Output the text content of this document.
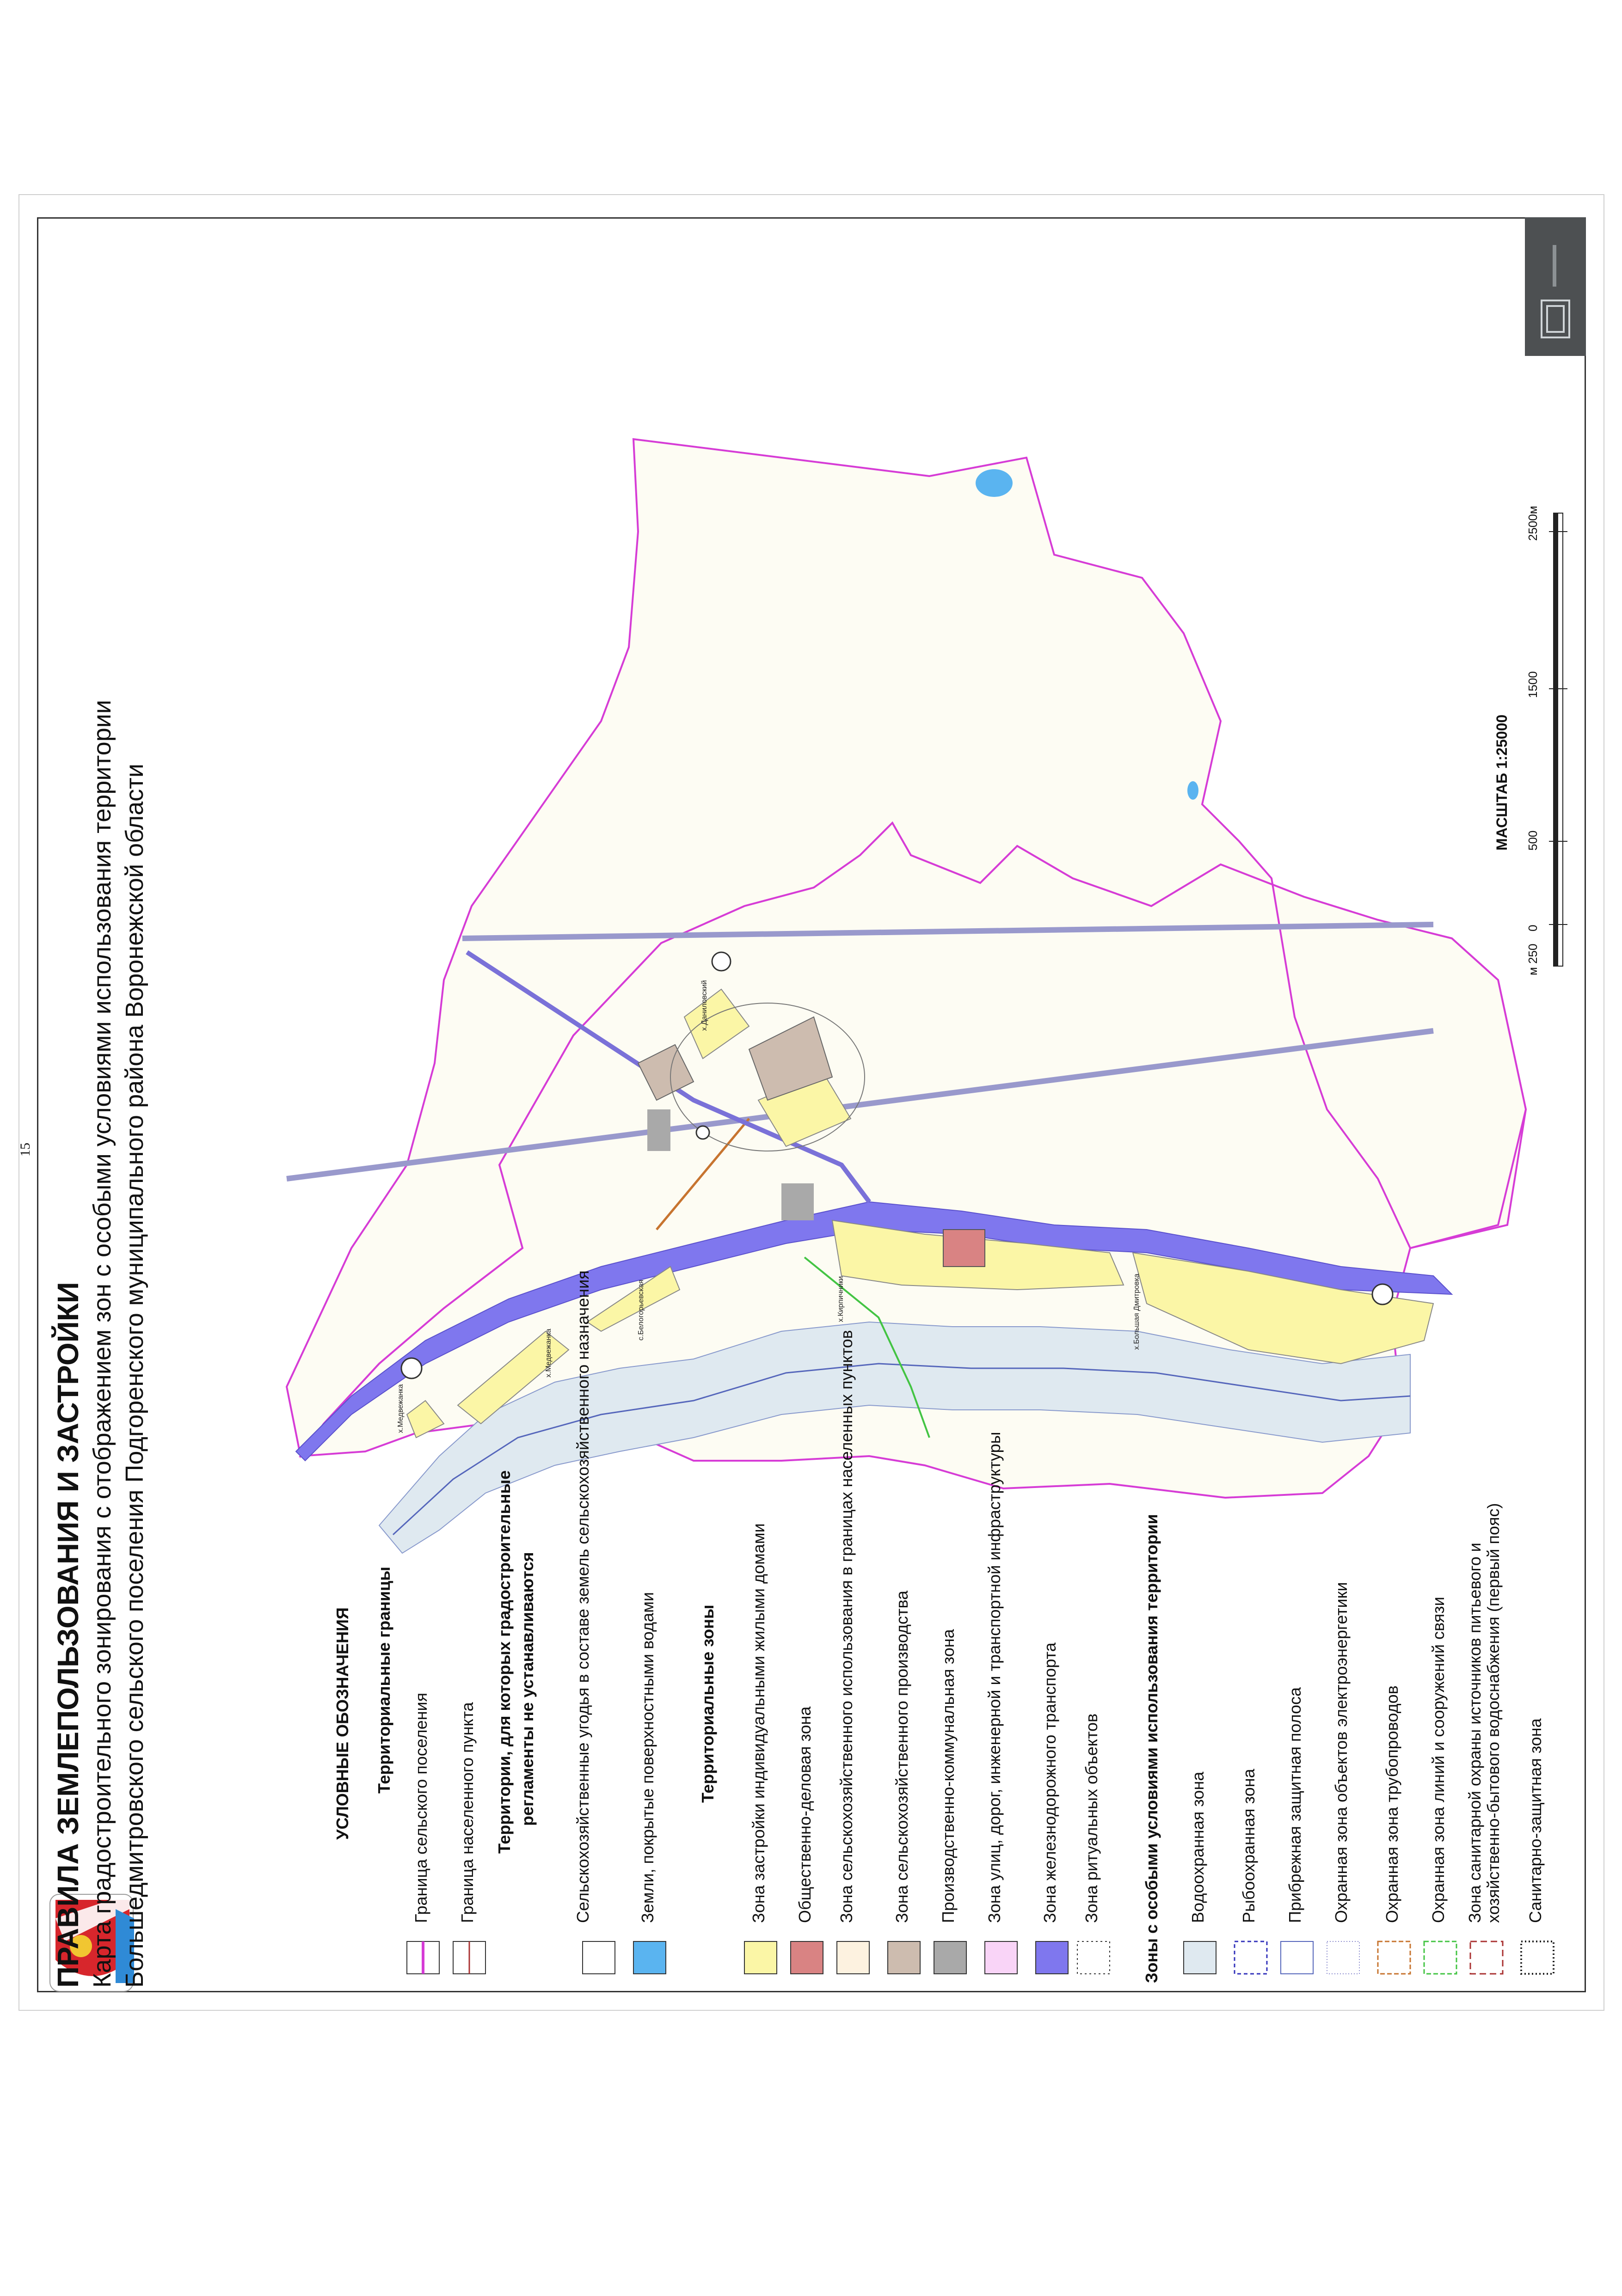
15
х.Медвежанка
х.Медвежанка
с.Белогорьевская	х.Кирпичники	х.Большая Дмитровка
х.Даниловский
ПРАВИЛА ЗЕМЛЕПОЛЬЗОВАНИЯ И ЗАСТРОЙКИ Карта градостроительного зонирования с отображением зон с особыми условиями использования территории Большедмитровского сельского поселения Подгоренского муниципального района Воронежской области	УСЛОВНЫЕ ОБОЗНАЧЕНИЯ Территориальные границы
Граница сельского поселения Граница населенного пункта Территории, для которых градостроительные регламенты не устанавливаются Сельскохозяйственные угодья в составе земель сельскохозяйственного назначения	Земли, покрытые поверхностными водами Территориальные зоны Зона застройки индивидуальными жилыми домами Общественно-деловая зона Зона сельскохозяйственного использования в границах населенных пунктов Зона сельскохозяйственного производства Производственно-коммунальная зона Зона улиц, дорог, инженерной и транспортной инфраструктуры Зона железнодорожного транспорта Зона ритуальных объектов Зоны с особыми условиями использования территории Водоохранная зона Рыбоохранная зона Прибрежная защитная полоса Охранная зона объектов электроэнергетики Охранная зона трубопроводов Охранная зона линий и сооружений связи Зона санитарной охраны источников питьевого и хозяйственно-бытового водоснабжения (первый пояс) Санитарно-защитная зона
МАСШТАБ 1:25000
м 250
0
500
1500
2500м
